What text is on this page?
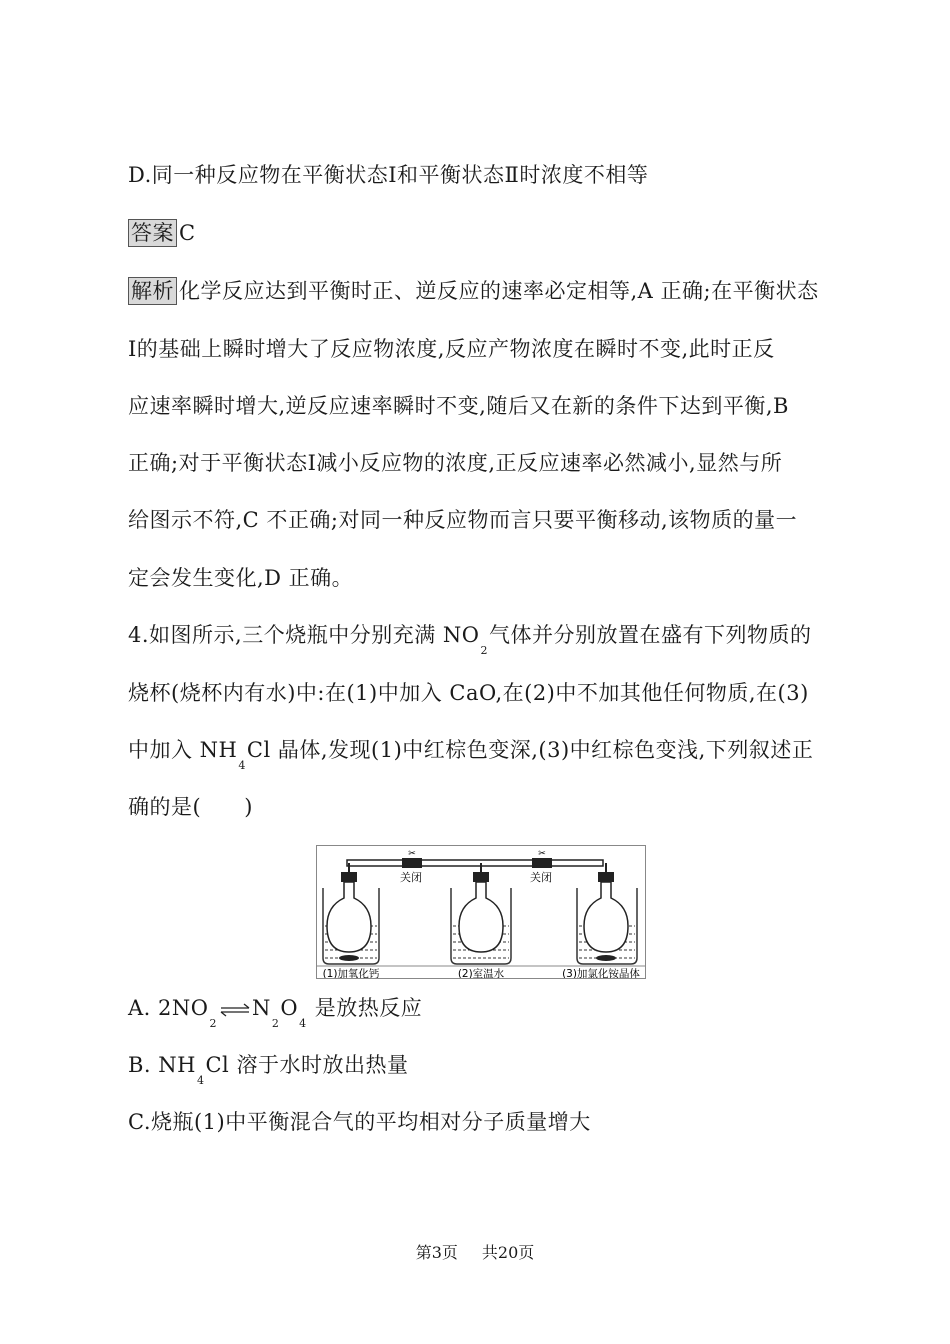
D.同一种反应物在平衡状态Ⅰ和平衡状态Ⅱ时浓度不相等
答案 C
解析 化学反应达到平衡时正、逆反应的速率必定相等,A 正确;在平衡状态
Ⅰ的基础上瞬时增大了反应物浓度,反应产物浓度在瞬时不变,此时正反
应速率瞬时增大,逆反应速率瞬时不变,随后又在新的条件下达到平衡,B
正确;对于平衡状态Ⅰ减小反应物的浓度,正反应速率必然减小,显然与所
给图示不符,C 不正确;对同一种反应物而言只要平衡移动,该物质的量一
定会发生变化,D 正确。
4.如图所示,三个烧瓶中分别充满 $NO_2$气体并分别放置在盛有下列物质的
烧杯(烧杯内有水)中:在(1)中加入 CaO,在(2)中不加其他任何物质,在(3)
中加入 $NH_4Cl$ 晶体,发现(1)中红棕色变深,(3)中红棕色变浅,下列叙述正
确的是(　　)
✂	✂
关闭	关闭
(1)加氧化钙	(2)室温水	(3)加氯化铵晶体
A. $2NO_2$
⇌ $N_2O_4$ 是放热反应
B. $NH_4Cl$ 溶于水时放出热量
C.烧瓶(1)中平衡混合气的平均相对分子质量增大
第3页 共20页
